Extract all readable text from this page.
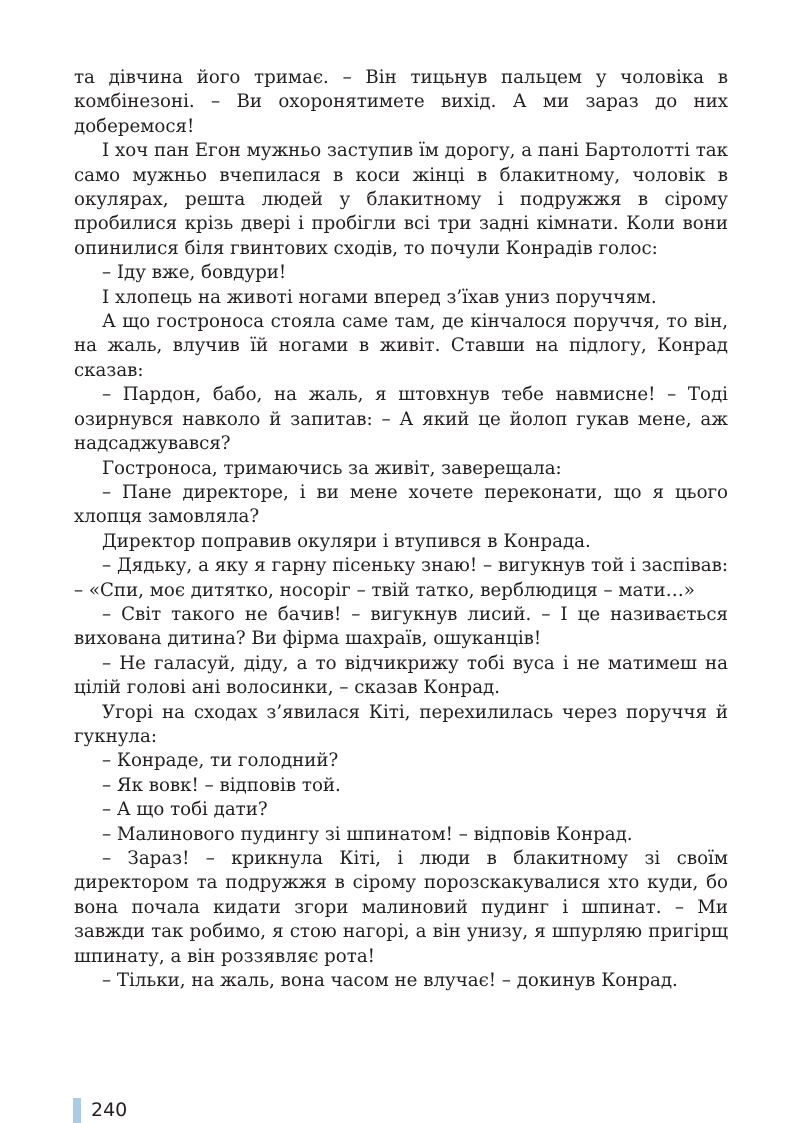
та дівчина його тримає. – Він тицьнув пальцем у чоловіка в комбінезоні. – Ви охоронятимете вихід. А ми зараз до них доберемося!

І хоч пан Егон мужньо заступив їм дорогу, а пані Бартолотті так само мужньо вчепилася в коси жінці в блакитному, чоловік в окулярах, решта людей у блакитному і подружжя в сірому пробилися крізь двері і пробігли всі три задні кімнати. Коли вони опинилися біля гвинтових сходів, то почули Конрадів голос:

– Іду вже, бовдури!

І хлопець на животі ногами вперед з’їхав униз поруччям.

А що гостроноса стояла саме там, де кінчалося поруччя, то він, на жаль, влучив їй ногами в живіт. Ставши на підлогу, Конрад сказав:

– Пардон, бабо, на жаль, я штовхнув тебе навмисне! – Тоді озирнувся навколо й запитав: – А який це йолоп гукав мене, аж надсаджувався?

Гостроноса, тримаючись за живіт, заверещала:

– Пане директоре, і ви мене хочете переконати, що я цього хлопця замовляла?

Директор поправив окуляри і втупився в Конрада.

– Дядьку, а яку я гарну пісеньку знаю! – вигукнув той і заспівав: – «Спи, моє дитятко, носоріг – твій татко, верблюдиця – мати…»

– Світ такого не бачив! – вигукнув лисий. – І це називається вихована дитина? Ви фірма шахраїв, ошуканців!

– Не галасуй, діду, а то відчикрижу тобі вуса і не матимеш на цілій голові ані волосинки, – сказав Конрад.

Угорі на сходах з’явилася Кіті, перехилилась через поруччя й гукнула:

– Конраде, ти голодний?

– Як вовк! – відповів той.

– А що тобі дати?

– Малинового пудингу зі шпинатом! – відповів Конрад.

– Зараз! – крикнула Кіті, і люди в блакитному зі своїм директором та подружжя в сірому порозскакувалися хто куди, бо вона почала кидати згори малиновий пудинг і шпинат. – Ми завжди так робимо, я стою нагорі, а він унизу, я шпурляю пригірщ шпинату, а він роззявляє рота!

– Тільки, на жаль, вона часом не влучає! – докинув Конрад.

240
